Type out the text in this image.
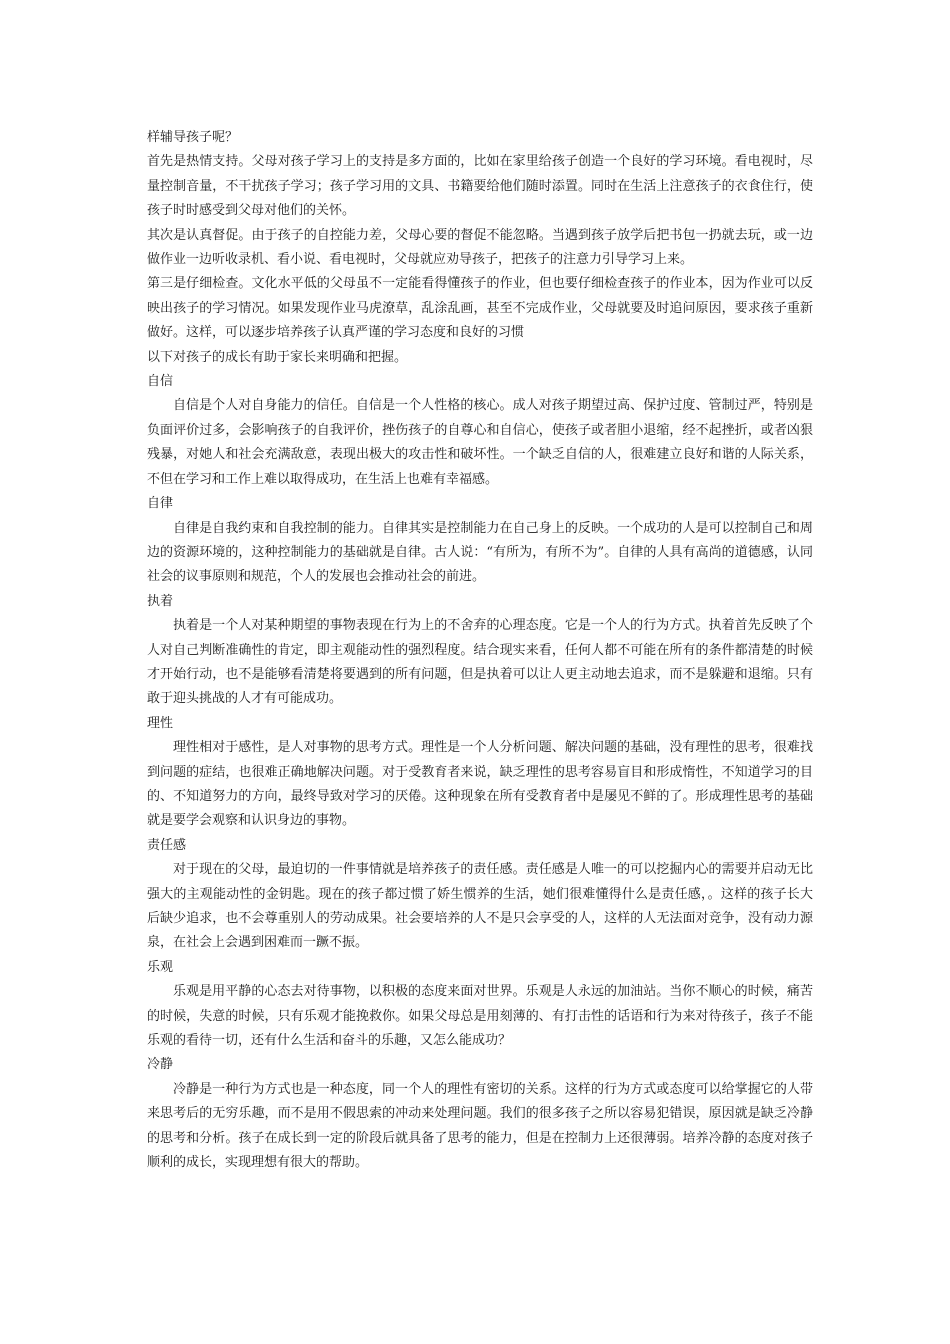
样辅导孩子呢？

首先是热情支持。父母对孩子学习上的支持是多方面的，比如在家里给孩子创造一个良好的学习环境。看电视时，尽量控制音量，不干扰孩子学习；孩子学习用的文具、书籍要给他们随时添置。同时在生活上注意孩子的衣食住行，使孩子时时感受到父母对他们的关怀。

其次是认真督促。由于孩子的自控能力差，父母心要的督促不能忽略。当遇到孩子放学后把书包一扔就去玩，或一边做作业一边听收录机、看小说、看电视时，父母就应劝导孩子，把孩子的注意力引导学习上来。

第三是仔细检查。文化水平低的父母虽不一定能看得懂孩子的作业，但也要仔细检查孩子的作业本，因为作业可以反映出孩子的学习情况。如果发现作业马虎潦草，乱涂乱画，甚至不完成作业，父母就要及时追问原因，要求孩子重新做好。这样，可以逐步培养孩子认真严谨的学习态度和良好的习惯

以下对孩子的成长有助于家长来明确和把握。

自信

自信是个人对自身能力的信任。自信是一个人性格的核心。成人对孩子期望过高、保护过度、管制过严，特别是负面评价过多，会影响孩子的自我评价，挫伤孩子的自尊心和自信心，使孩子或者胆小退缩，经不起挫折，或者凶狠残暴，对她人和社会充满敌意，表现出极大的攻击性和破坏性。一个缺乏自信的人，很难建立良好和谐的人际关系，不但在学习和工作上难以取得成功，在生活上也难有幸福感。

自律

自律是自我约束和自我控制的能力。自律其实是控制能力在自己身上的反映。一个成功的人是可以控制自己和周边的资源环境的，这种控制能力的基础就是自律。古人说：“有所为，有所不为”。自律的人具有高尚的道德感，认同社会的议事原则和规范，个人的发展也会推动社会的前进。

执着

执着是一个人对某种期望的事物表现在行为上的不舍弃的心理态度。它是一个人的行为方式。执着首先反映了个人对自己判断准确性的肯定，即主观能动性的强烈程度。结合现实来看，任何人都不可能在所有的条件都清楚的时候才开始行动，也不是能够看清楚将要遇到的所有问题，但是执着可以让人更主动地去追求，而不是躲避和退缩。只有敢于迎头挑战的人才有可能成功。

理性

理性相对于感性，是人对事物的思考方式。理性是一个人分析问题、解决问题的基础，没有理性的思考，很难找到问题的症结，也很难正确地解决问题。对于受教育者来说，缺乏理性的思考容易盲目和形成惰性，不知道学习的目的、不知道努力的方向，最终导致对学习的厌倦。这种现象在所有受教育者中是屡见不鲜的了。形成理性思考的基础就是要学会观察和认识身边的事物。

责任感

对于现在的父母，最迫切的一件事情就是培养孩子的责任感。责任感是人唯一的可以挖掘内心的需要并启动无比强大的主观能动性的金钥匙。现在的孩子都过惯了娇生惯养的生活，她们很难懂得什么是责任感，。这样的孩子长大后缺少追求，也不会尊重别人的劳动成果。社会要培养的人不是只会享受的人，这样的人无法面对竞争，没有动力源泉，在社会上会遇到困难而一蹶不振。

乐观

乐观是用平静的心态去对待事物，以积极的态度来面对世界。乐观是人永远的加油站。当你不顺心的时候，痛苦的时候，失意的时候，只有乐观才能挽救你。如果父母总是用刻薄的、有打击性的话语和行为来对待孩子，孩子不能乐观的看待一切，还有什么生活和奋斗的乐趣，又怎么能成功？

冷静

冷静是一种行为方式也是一种态度，同一个人的理性有密切的关系。这样的行为方式或态度可以给掌握它的人带来思考后的无穷乐趣，而不是用不假思索的冲动来处理问题。我们的很多孩子之所以容易犯错误，原因就是缺乏冷静的思考和分析。孩子在成长到一定的阶段后就具备了思考的能力，但是在控制力上还很薄弱。培养冷静的态度对孩子顺利的成长，实现理想有很大的帮助。
